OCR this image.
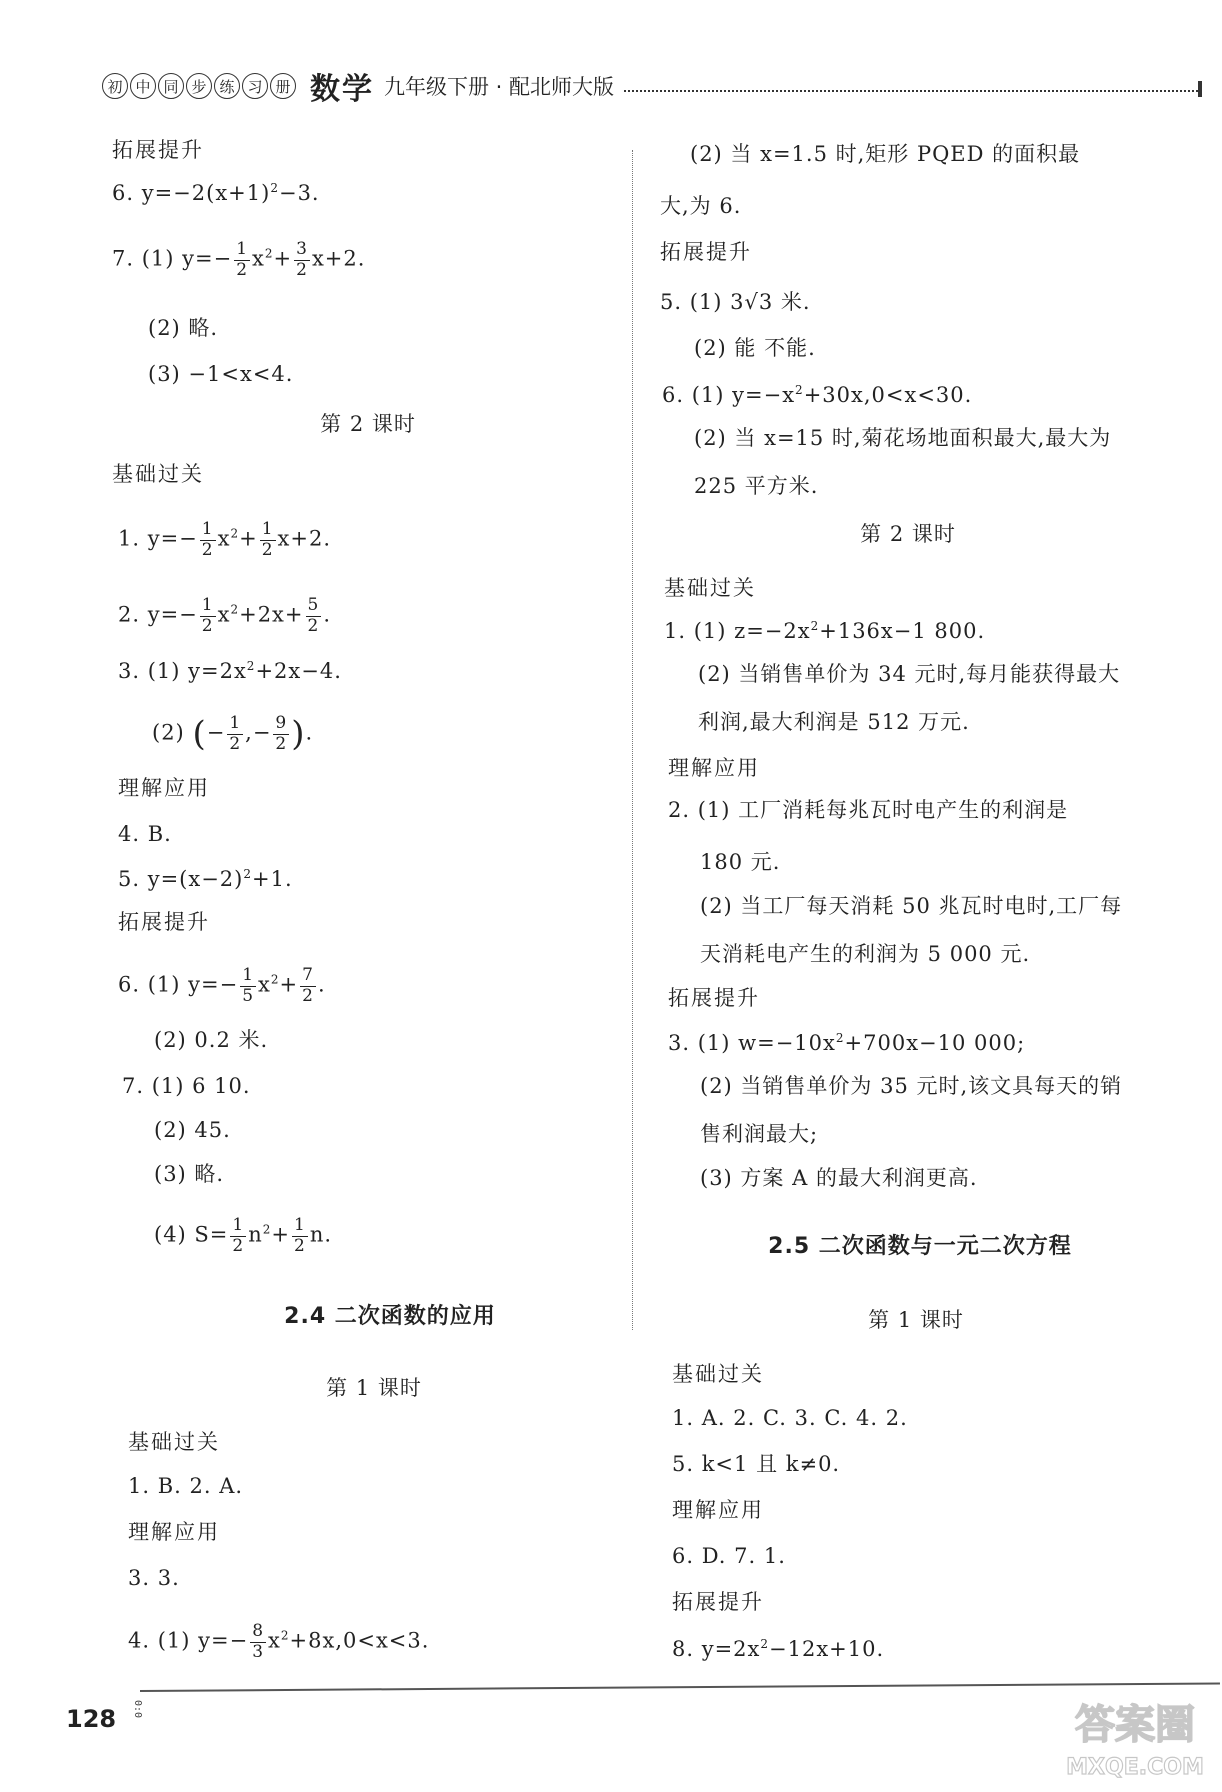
初 中 同 步 练 习 册 数学 九年级下册 · 配北师大版
拓展提升
6. $y=-2(x+1)^2-3$.
7. (1) $y=- \frac{1}{2} x^2+ \frac{3}{2} x+2$.
(2) 略.
(3) −1<x<4.
第 2 课时
基础过关
1. $y=- \frac{1}{2} x^2+ \frac{1}{2} x+2$.
2. $y=- \frac{1}{2} x^2+2x+ \frac{5}{2}$ .
3. (1) $y=2x^2+2x-4$.
(2) (− $\frac{1}{2}$ ,− $\frac{9}{2}$ ).
理解应用
4. B.
5. $y=(x-2)^2+1$.
拓展提升
6. (1) $y=- \frac{1}{5} x^2+ \frac{7}{2}$ .
(2) 0.2 米.
7. (1) 6 10.
(2) 45.
(3) 略.
(4) $S= \frac{1}{2} n^2+ \frac{1}{2} n$.
2.4 二次函数的应用
第 1 课时
基础过关
1. B. 2. A.
理解应用
3. 3.
4. (1) $y=- \frac{8}{3} x^2+8x,0<x<3$.
(2) 当 x=1.5 时,矩形 PQED 的面积最
大,为 6.
拓展提升
5. (1) 3√3 米.
(2) 能 不能.
6. (1) $y=-x^2+30x,0<x<30$.
(2) 当 x=15 时,菊花场地面积最大,最大为
225 平方米.
第 2 课时
基础过关
1. (1) $z=-2x^2+136x-1$ 800.
(2) 当销售单价为 34 元时,每月能获得最大
利润,最大利润是 512 万元.
理解应用
2. (1) 工厂消耗每兆瓦时电产生的利润是
180 元.
(2) 当工厂每天消耗 50 兆瓦时电时,工厂每
天消耗电产生的利润为 5 000 元.
拓展提升
3. (1) $w=-10x^2+700x-10$ 000;
(2) 当销售单价为 35 元时,该文具每天的销
售利润最大;
(3) 方案 A 的最大利润更高.
2.5 二次函数与一元二次方程
第 1 课时
基础过关
1. A. 2. C. 3. C. 4. 2.
5. k<1 且 k≠0.
理解应用
6. D. 7. 1.
拓展提升
8. $y=2x^2-12x+10$.
128 0:0	答案圈
MXQE.COM
